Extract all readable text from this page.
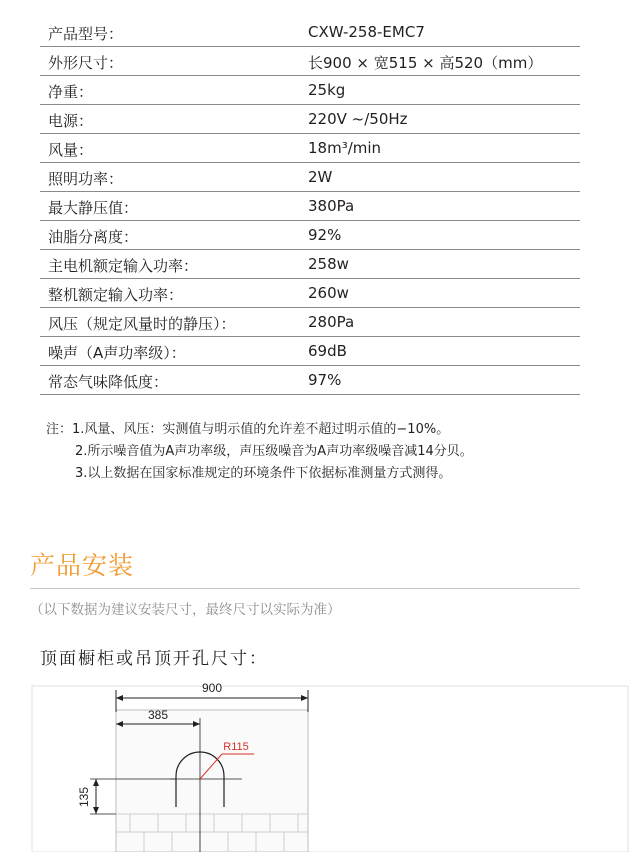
产品型号：	CXW-258-EMC7
外形尺寸：	长900 × 宽515 × 高520（mm）
净重：	25kg
电源：	220V ~/50Hz
风量：	18m³/min
照明功率：	2W
最大静压值：	380Pa
油脂分离度：	92%
主电机额定输入功率：	258w
整机额定输入功率：	260w
风压（规定风量时的静压）：	280Pa
噪声（A声功率级）：	69dB
常态气味降低度：	97%
注：1.风量、风压：实测值与明示值的允许差不超过明示值的−10%。
2.所示噪音值为A声功率级，声压级噪音为A声功率级噪音减14分贝。
3.以上数据在国家标准规定的环境条件下依据标准测量方式测得。
产品安装
（以下数据为建议安装尺寸，最终尺寸以实际为准）
顶面橱柜或吊顶开孔尺寸：
900
385
R115
135
